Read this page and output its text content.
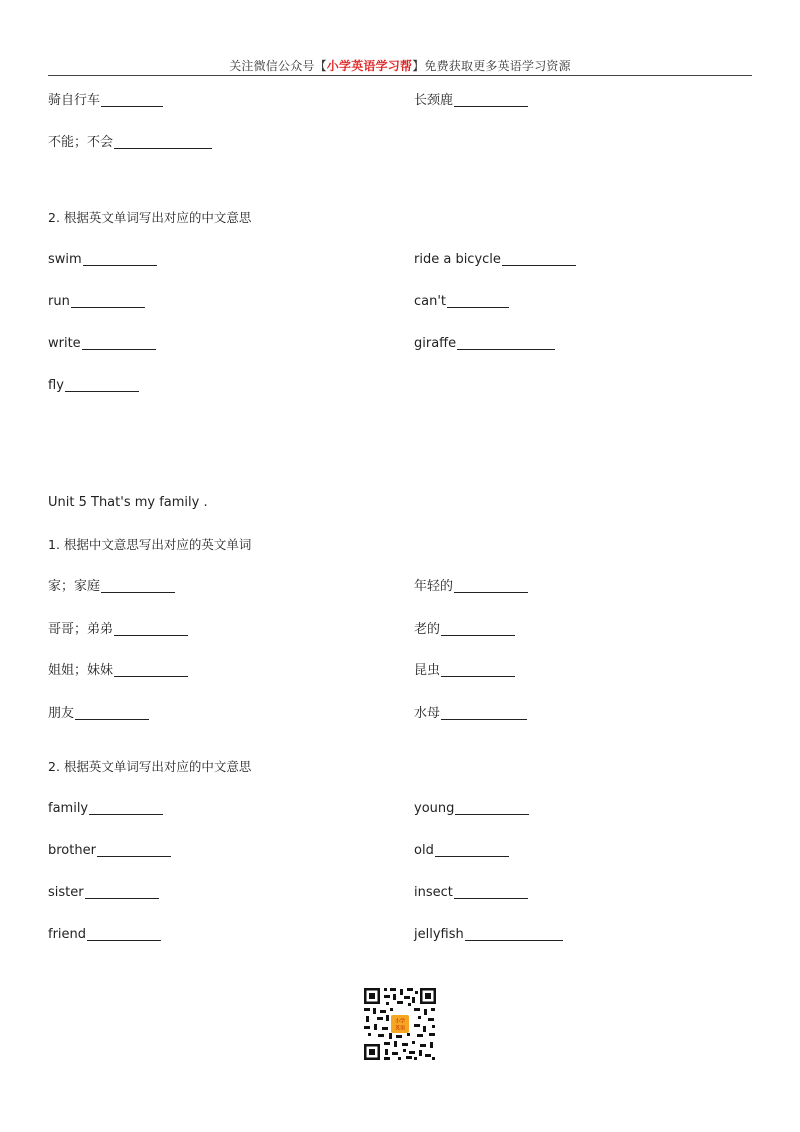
关注微信公众号【小学英语学习帮】免费获取更多英语学习资源
骑自行车	长颈鹿
不能；不会
2. 根据英文单词写出对应的中文意思
swim	ride a bicycle
run	can't
write	giraffe
fly
Unit 5 That's my family .
1. 根据中文意思写出对应的英文单词
家；家庭	年轻的
哥哥；弟弟	老的
姐姐；妹妹	昆虫
朋友	水母
2. 根据英文单词写出对应的中文意思
family	young
brother	old
sister	insect
friend	jellyfish
小学
英语
